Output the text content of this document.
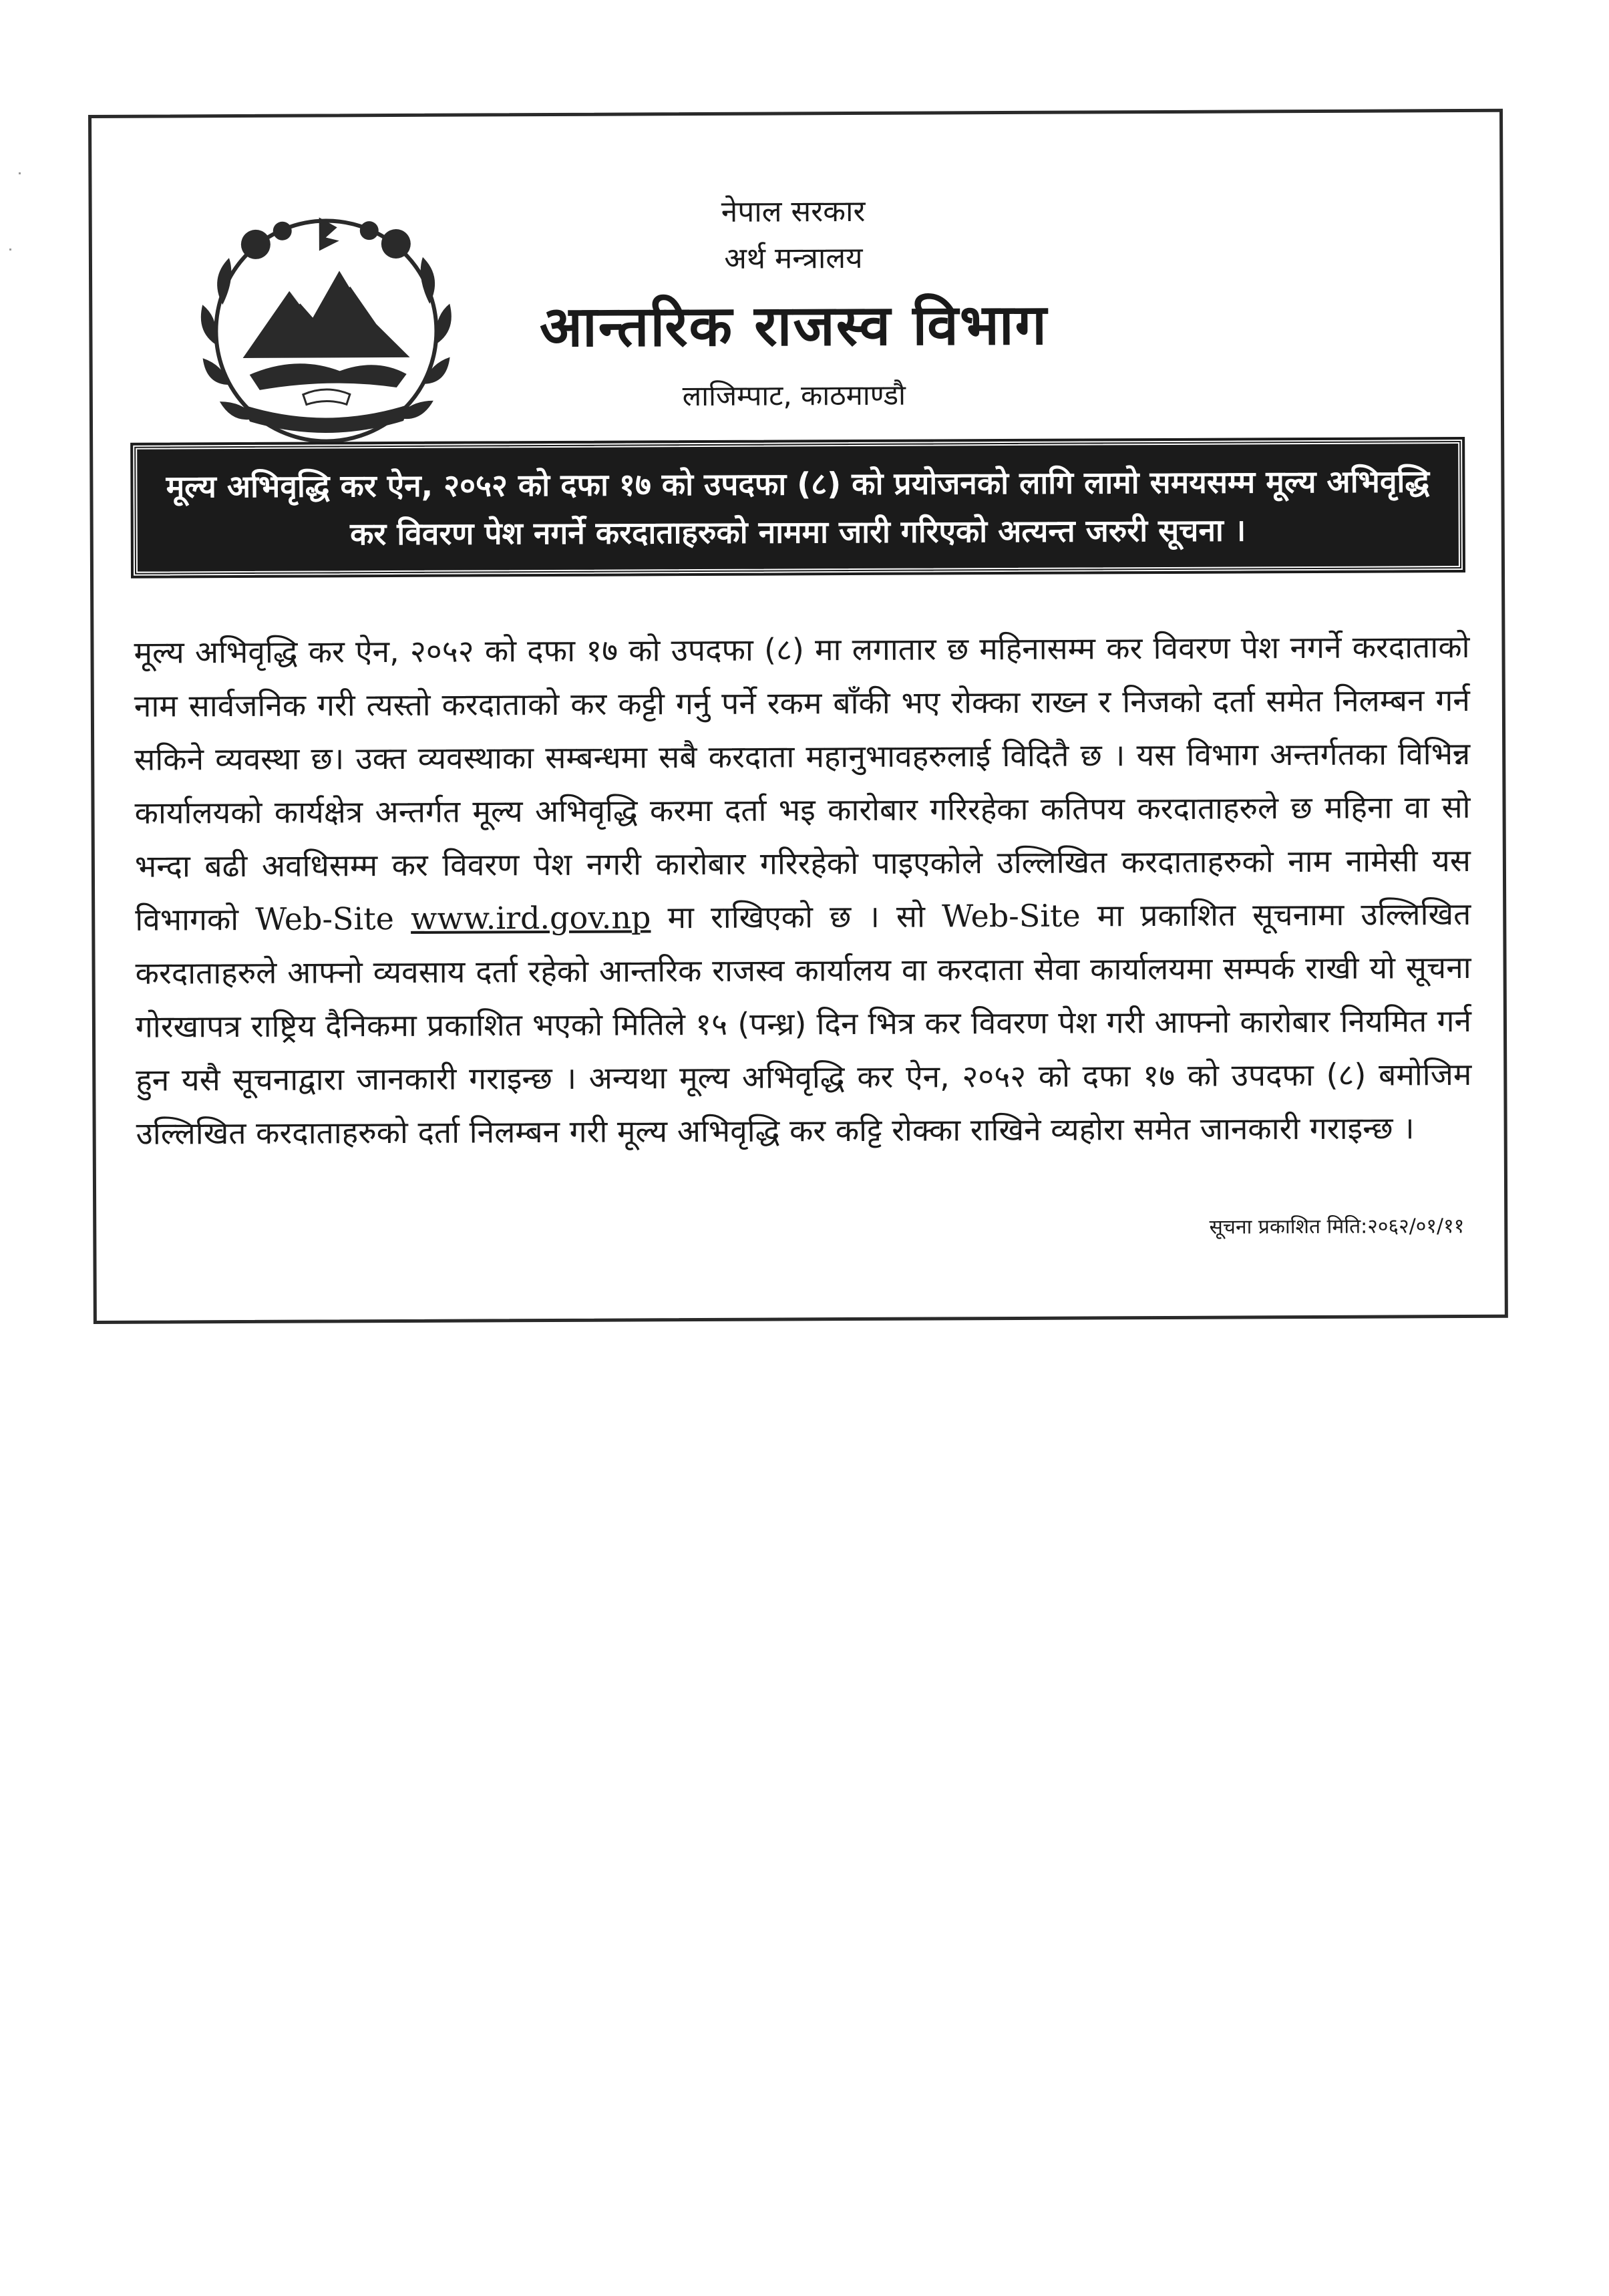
नेपाल सरकार
अर्थ मन्त्रालय
आन्तरिक राजस्व विभाग
लाजिम्पाट, काठमाण्डौ
मूल्य अभिवृद्धि कर ऐन, २०५२ को दफा १७ को उपदफा (८) को प्रयोजनको लागि लामो समयसम्म मूल्य अभिवृद्धि कर विवरण पेश नगर्ने करदाताहरुको नाममा जारी गरिएको अत्यन्त जरुरी सूचना ।

मूल्य अभिवृद्धि कर ऐन, २०५२ को दफा १७ को उपदफा (८) मा लगातार छ महिनासम्म कर विवरण पेश नगर्ने करदाताको नाम सार्वजनिक गरी त्यस्तो करदाताको कर कट्टी गर्नु पर्ने रकम बाँकी भए रोक्का राख्न र निजको दर्ता समेत निलम्बन गर्न सकिने व्यवस्था छ। उक्त व्यवस्थाका सम्बन्धमा सबै करदाता महानुभावहरुलाई विदितै छ । यस विभाग अन्तर्गतका विभिन्न कार्यालयको कार्यक्षेत्र अन्तर्गत मूल्य अभिवृद्धि करमा दर्ता भइ कारोबार गरिरहेका कतिपय करदाताहरुले छ महिना वा सो भन्दा बढी अवधिसम्म कर विवरण पेश नगरी कारोबार गरिरहेको पाइएकोले उल्लिखित करदाताहरुको नाम नामेसी यस विभागको Web-Site www.ird.gov.np मा राखिएको छ । सो Web-Site मा प्रकाशित सूचनामा उल्लिखित करदाताहरुले आफ्नो व्यवसाय दर्ता रहेको आन्तरिक राजस्व कार्यालय वा करदाता सेवा कार्यालयमा सम्पर्क राखी यो सूचना गोरखापत्र राष्ट्रिय दैनिकमा प्रकाशित भएको मितिले १५ (पन्ध्र) दिन भित्र कर विवरण पेश गरी आफ्नो कारोबार नियमित गर्न हुन यसै सूचनाद्वारा जानकारी गराइन्छ । अन्यथा मूल्य अभिवृद्धि कर ऐन, २०५२ को दफा १७ को उपदफा (८) बमोजिम उल्लिखित करदाताहरुको दर्ता निलम्बन गरी मूल्य अभिवृद्धि कर कट्टि रोक्का राखिने व्यहोरा समेत जानकारी गराइन्छ ।

सूचना प्रकाशित मिति:२०६२/०१/११
